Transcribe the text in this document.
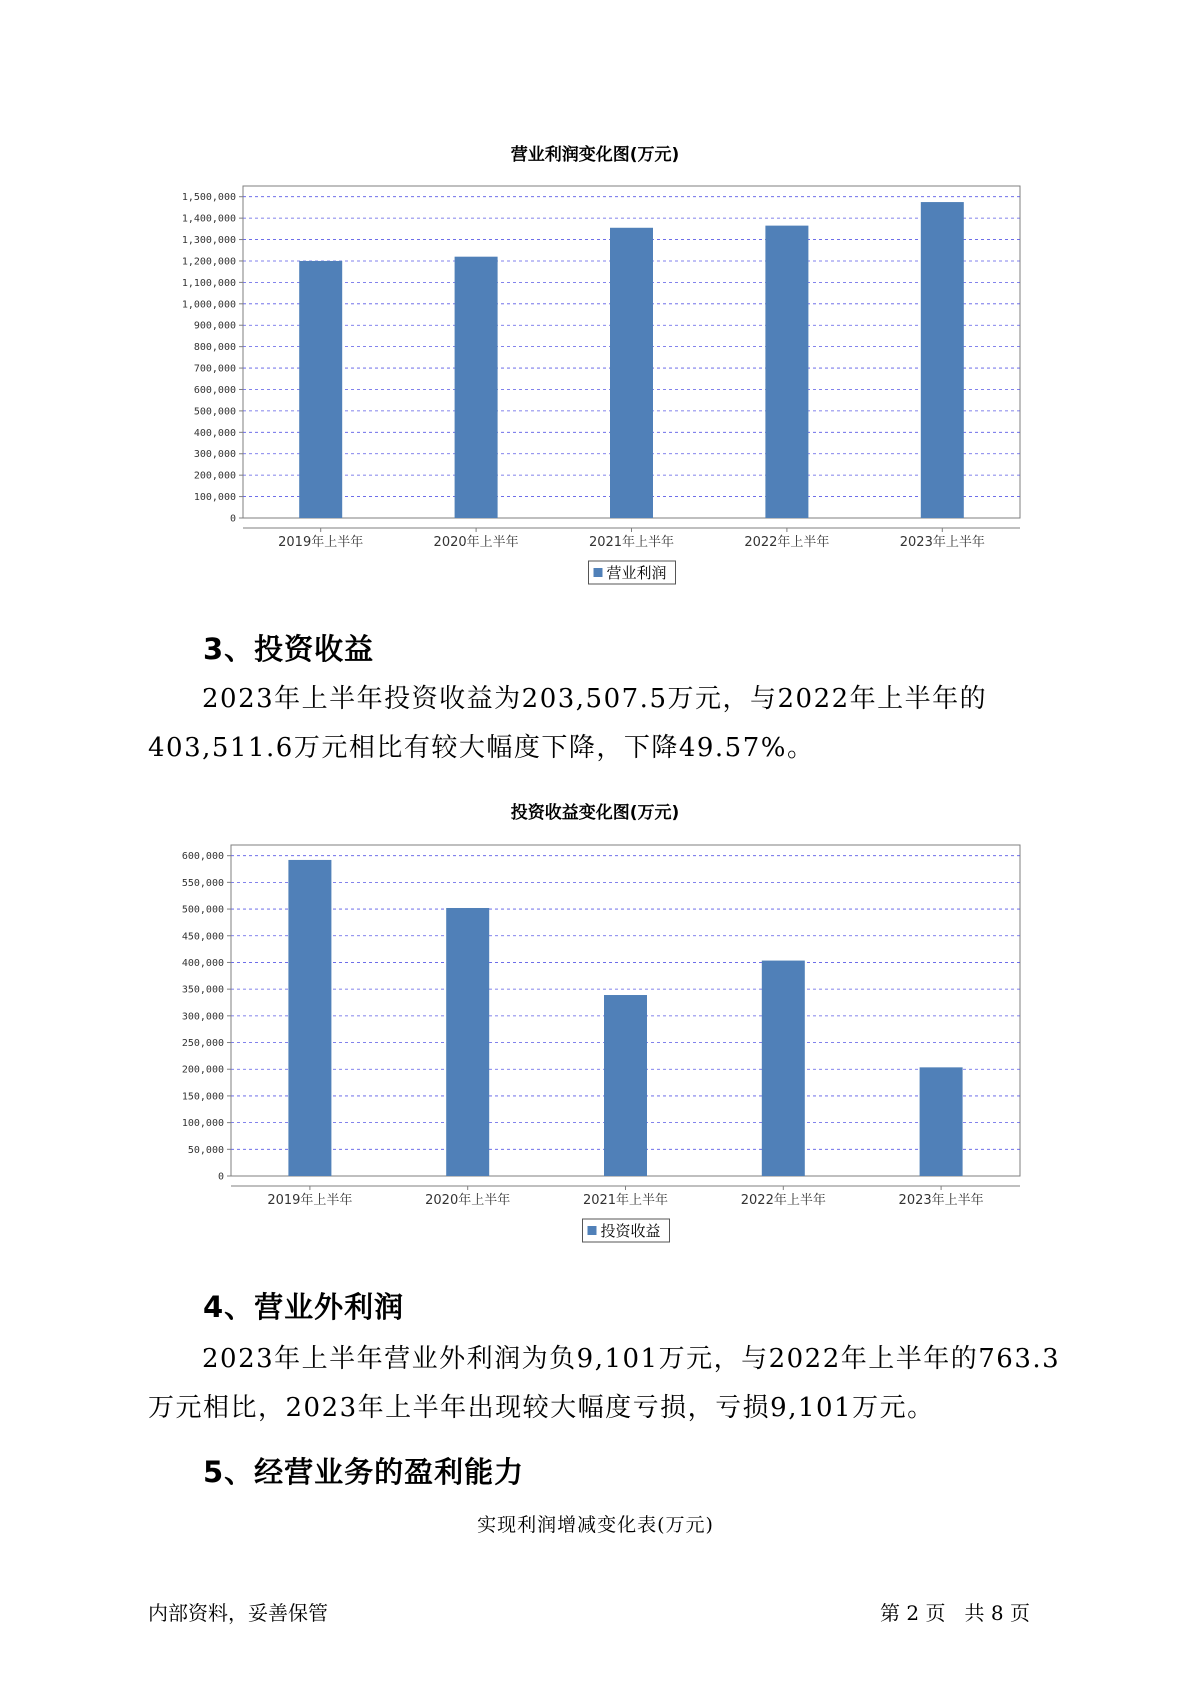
营业利润变化图(万元)
0
100,000
200,000
300,000
400,000
500,000
600,000
700,000
800,000
900,000
1,000,000
1,100,000
1,200,000
1,300,000
1,400,000
1,500,000
2019年上半年	2020年上半年	2021年上半年	2022年上半年	2023年上半年
营业利润
3、投资收益
2023年上半年投资收益为203,507.5万元，与2022年上半年的403,511.6万元相比有较大幅度下降，下降49.57%。
投资收益变化图(万元)
0
50,000
100,000
150,000
200,000
250,000
300,000
350,000
400,000
450,000
500,000
550,000
600,000
2019年上半年	2020年上半年	2021年上半年	2022年上半年	2023年上半年
投资收益
4、营业外利润
2023年上半年营业外利润为负9,101万元，与2022年上半年的763.3万元相比，2023年上半年出现较大幅度亏损，亏损9,101万元。
5、经营业务的盈利能力
实现利润增减变化表(万元)
内部资料，妥善保管	第 2 页   共 8 页
